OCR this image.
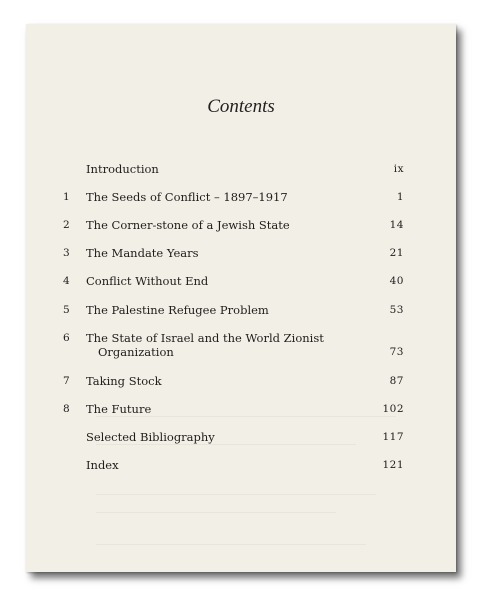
Contents
Introduction	ix
1	The Seeds of Conflict – 1897–1917	1
2	The Corner-stone of a Jewish State	14
3	The Mandate Years	21
4	Conflict Without End	40
5	The Palestine Refugee Problem	53
6	The State of Israel and the World Zionist
Organization	73
7	Taking Stock	87
8	The Future	102
Selected Bibliography	117
Index	121
